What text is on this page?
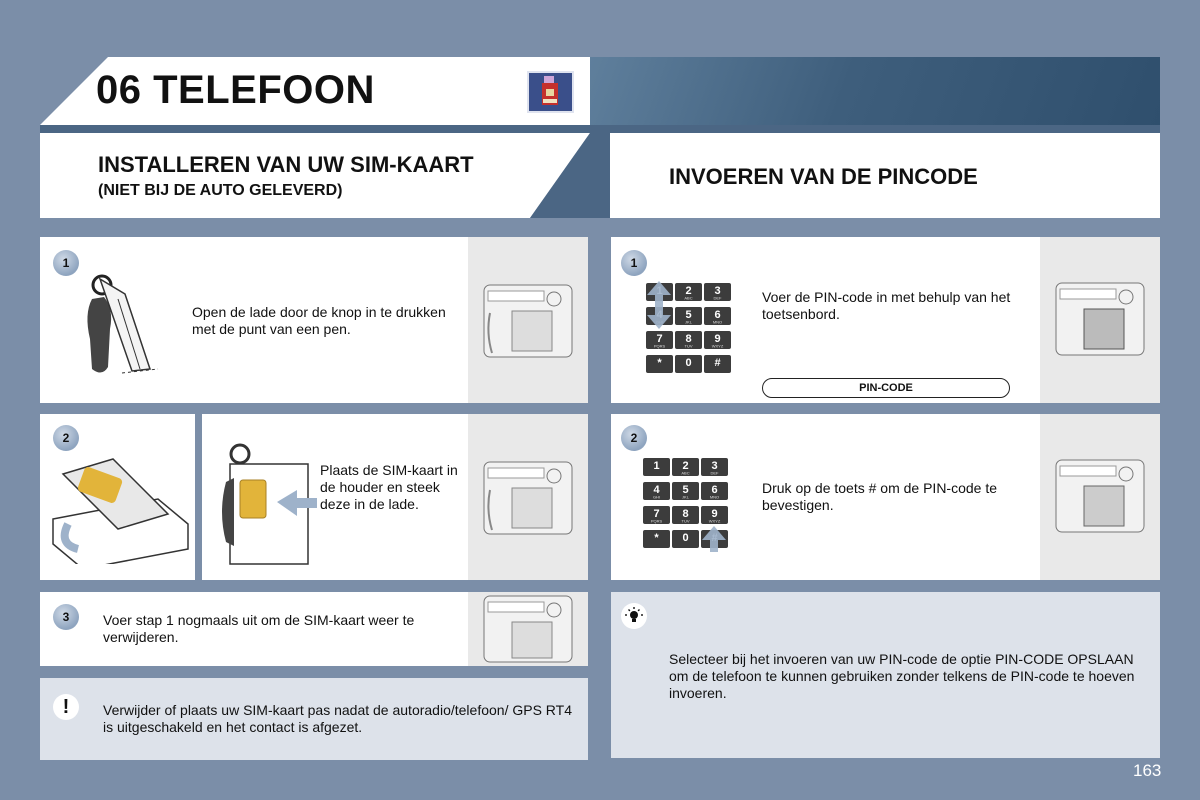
06 TELEFOON
INSTALLEREN VAN UW SIM-KAART
(NIET BIJ DE AUTO GELEVERD)
INVOEREN VAN DE PINCODE
1
Open de lade door de knop in te drukken met de punt van een pen.
2
Plaats de SIM-kaart in de houder en steek deze in de lade.
3 Voer stap 1 nogmaals uit om de SIM-kaart weer te verwijderen.
!	Verwijder of plaats uw SIM-kaart pas nadat de autoradio/telefoon/ GPS RT4 is uitgeschakeld en het contact is afgezet.
1
2
ABC
3
DEF
5
JKL
6
MNO
7
PQRS
8
TUV
9
WXYZ
* 0 #
Voer de PIN-code in met behulp van het toetsenbord.
PIN-CODE
2
1 2
ABC
3
DEF
4
GHI
5
JKL
6
MNO
7
PQRS
8
TUV
9
WXYZ
* 0
Druk op de toets # om de PIN-code te bevestigen.
Selecteer bij het invoeren van uw PIN-code de optie PIN-CODE OPSLAAN om de telefoon te kunnen gebruiken zonder telkens de PIN-code te hoeven invoeren.
163
